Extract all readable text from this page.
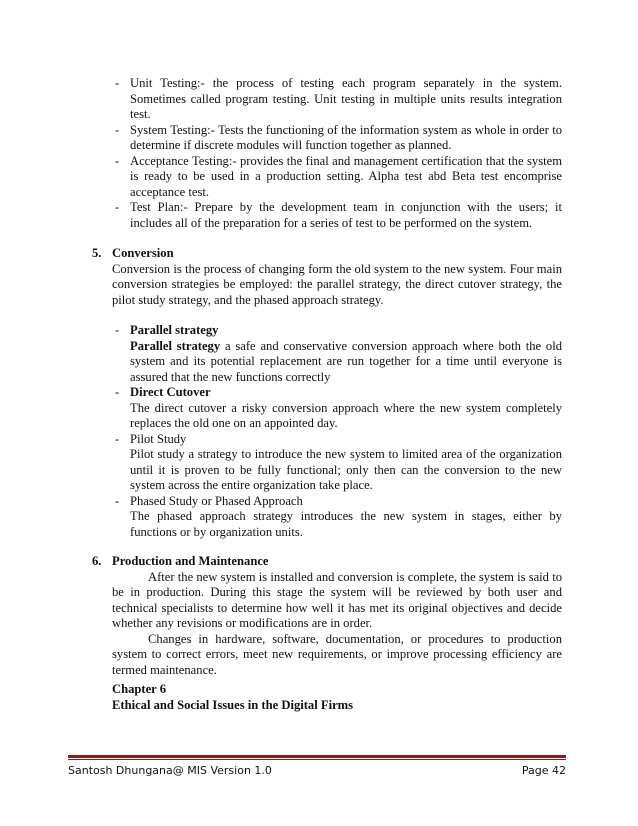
- Unit Testing:- the process of testing each program separately in the system. Sometimes called program testing. Unit testing in multiple units results integration test.
- System Testing:- Tests the functioning of the information system as whole in order to determine if discrete modules will function together as planned.
- Acceptance Testing:- provides the final and management certification that the system is ready to be used in a production setting. Alpha test abd Beta test encomprise acceptance test.
- Test Plan:- Prepare by the development team in conjunction with the users; it includes all of the preparation for a series of test to be performed on the system.
5. Conversion
Conversion is the process of changing form the old system to the new system. Four main conversion strategies be employed: the parallel strategy, the direct cutover strategy, the pilot study strategy, and the phased approach strategy.
- Parallel strategy
Parallel strategy a safe and conservative conversion approach where both the old system and its potential replacement are run together for a time until everyone is assured that the new functions correctly
- Direct Cutover
The direct cutover a risky conversion approach where the new system completely replaces the old one on an appointed day.
- Pilot Study
Pilot study a strategy to introduce the new system to limited area of the organization until it is proven to be fully functional; only then can the conversion to the new system across the entire organization take place.
- Phased Study or Phased Approach
The phased approach strategy introduces the new system in stages, either by functions or by organization units.
6. Production and Maintenance
After the new system is installed and conversion is complete, the system is said to be in production. During this stage the system will be reviewed by both user and technical specialists to determine how well it has met its original objectives and decide whether any revisions or modifications are in order.
Changes in hardware, software, documentation, or procedures to production system to correct errors, meet new requirements, or improve processing efficiency are termed maintenance.
Chapter 6
Ethical and Social Issues in the Digital Firms
Santosh Dhungana@ MIS Version 1.0	Page 42
